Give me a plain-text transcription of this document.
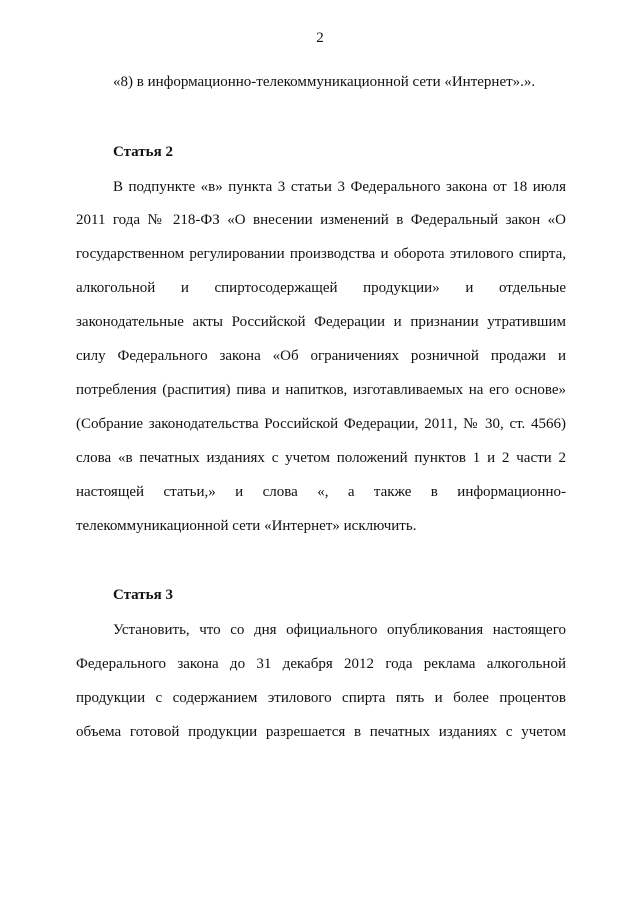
2
«8) в информационно-телекоммуникационной сети «Интернет».».
Статья 2
В подпункте «в» пункта 3 статьи 3 Федерального закона от 18 июля
2011 года № 218-ФЗ «О внесении изменений в Федеральный закон «О
государственном регулировании производства и оборота этилового спирта,
алкогольной и спиртосодержащей продукции» и отдельные
законодательные акты Российской Федерации и признании утратившим
силу Федерального закона «Об ограничениях розничной продажи и
потребления (распития) пива и напитков, изготавливаемых на его основе»
(Собрание законодательства Российской Федерации, 2011, № 30, ст. 4566)
слова «в печатных изданиях с учетом положений пунктов 1 и 2 части 2
настоящей статьи,» и слова «, а также в информационно-
телекоммуникационной сети «Интернет» исключить.
Статья 3
Установить, что со дня официального опубликования настоящего
Федерального закона до 31 декабря 2012 года реклама алкогольной
продукции с содержанием этилового спирта пять и более процентов
объема готовой продукции разрешается в печатных изданиях с учетом
